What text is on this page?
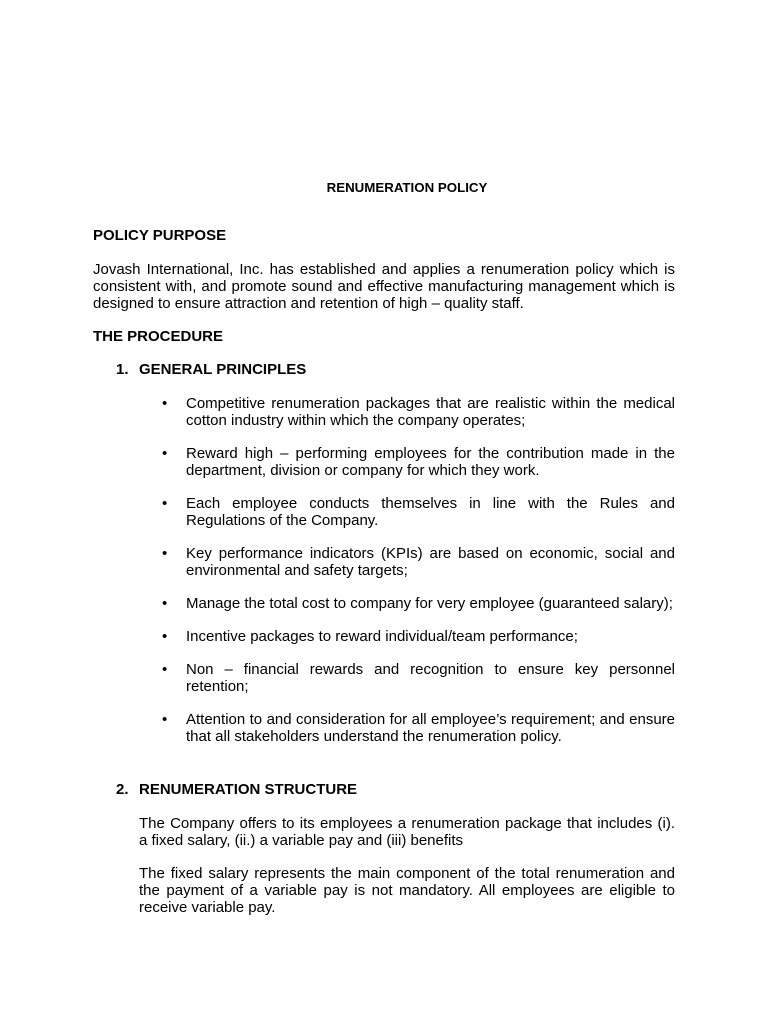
RENUMERATION POLICY
POLICY PURPOSE

Jovash International, Inc. has established and applies a renumeration policy which is consistent with, and promote sound and effective manufacturing management which is designed to ensure attraction and retention of high – quality staff.

THE PROCEDURE
1. GENERAL PRINCIPLES
•
Competitive renumeration packages that are realistic within the medical cotton industry within which the company operates;
•
Reward high – performing employees for the contribution made in the department, division or company for which they work.
•
Each employee conducts themselves in line with the Rules and Regulations of the Company.
•
Key performance indicators (KPIs) are based on economic, social and environmental and safety targets;
•
Manage the total cost to company for very employee (guaranteed salary);
•
Incentive packages to reward individual/team performance;
•
Non – financial rewards and recognition to ensure key personnel retention;
•
Attention to and consideration for all employee’s requirement; and ensure that all stakeholders understand the renumeration policy.
2. RENUMERATION STRUCTURE

The Company offers to its employees a renumeration package that includes (i). a fixed salary, (ii.) a variable pay and (iii) benefits

The fixed salary represents the main component of the total renumeration and the payment of a variable pay is not mandatory. All employees are eligible to receive variable pay.
